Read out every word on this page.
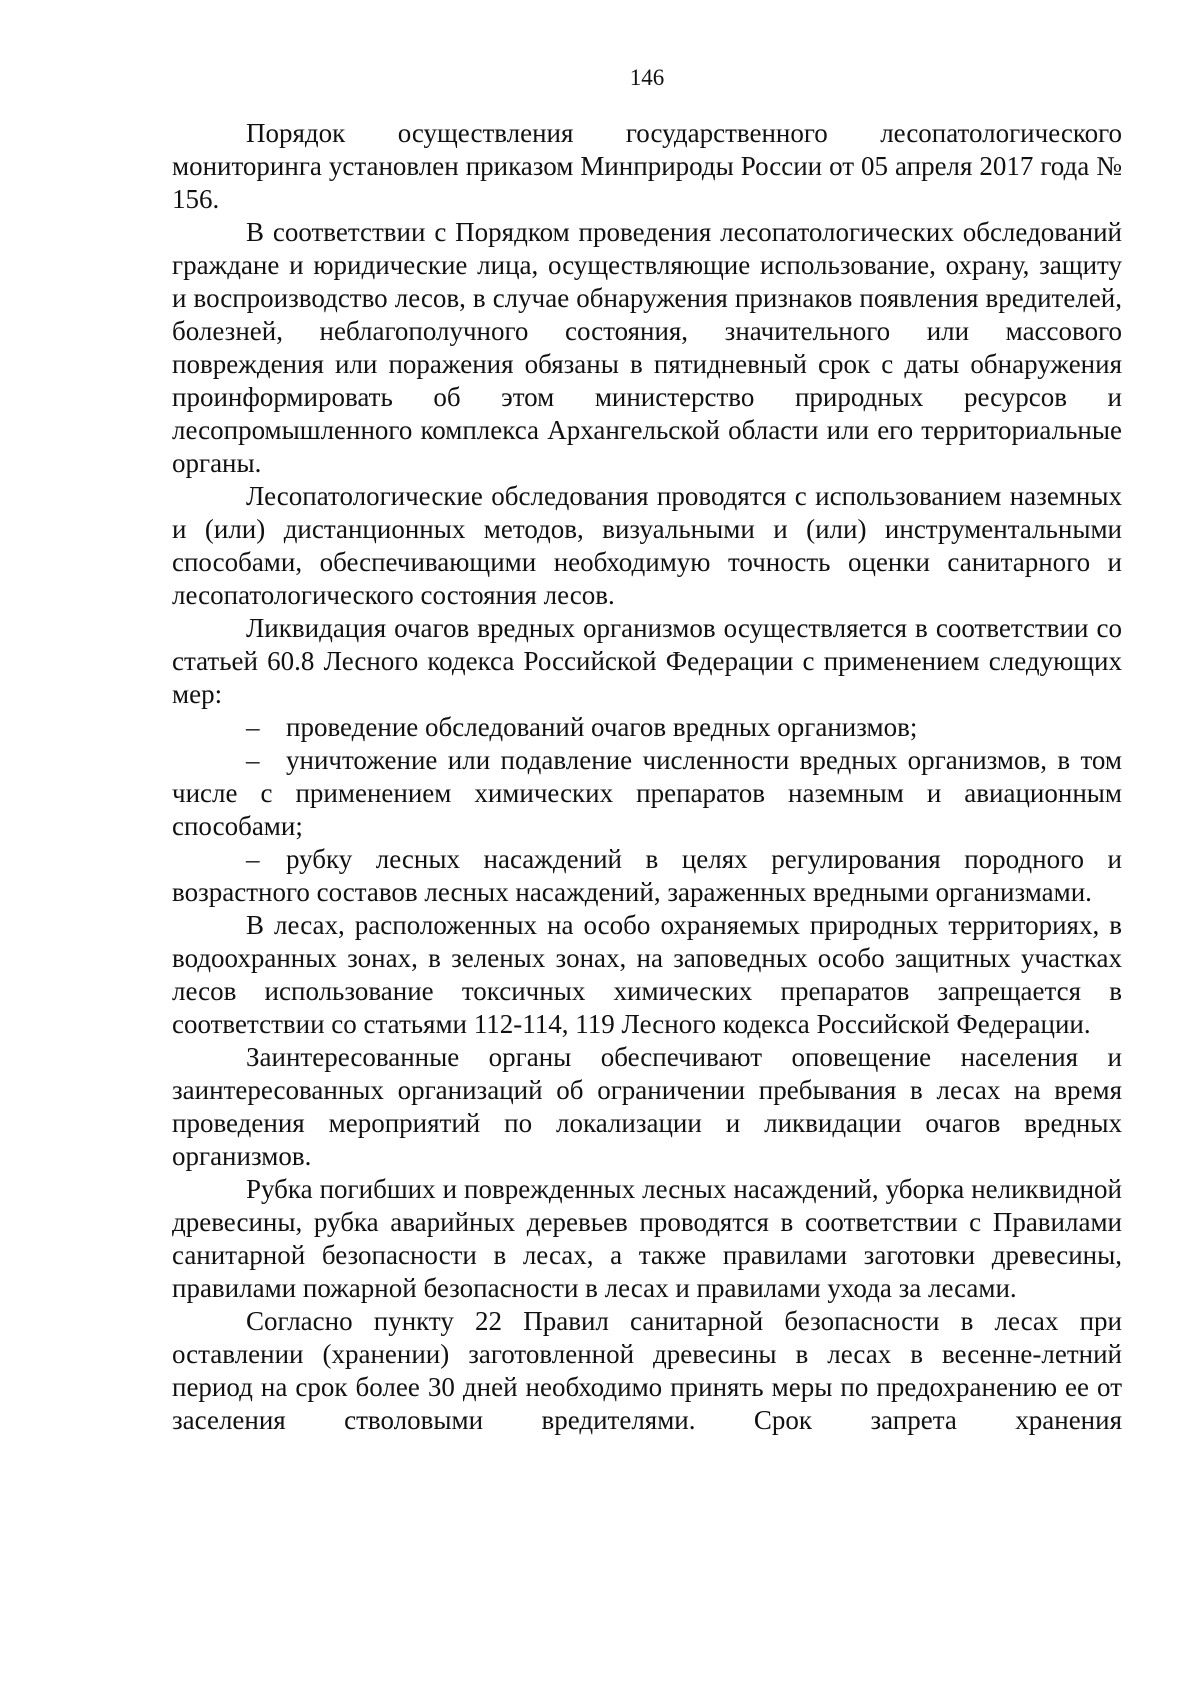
146

Порядок осуществления государственного лесопатологического мониторинга установлен приказом Минприроды России от 05 апреля 2017 года № 156.

В соответствии с Порядком проведения лесопатологических обследований граждане и юридические лица, осуществляющие использование, охрану, защиту и воспроизводство лесов, в случае обнаружения признаков появления вредителей, болезней, неблагополучного состояния, значительного или массового повреждения или поражения обязаны в пятидневный срок с даты обнаружения проинформировать об этом министерство природных ресурсов и лесопромышленного комплекса Архангельской области или его территориальные органы.

Лесопатологические обследования проводятся с использованием наземных и (или) дистанционных методов, визуальными и (или) инструментальными способами, обеспечивающими необходимую точность оценки санитарного и лесопатологического состояния лесов.

Ликвидация очагов вредных организмов осуществляется в соответствии со статьей 60.8 Лесного кодекса Российской Федерации с применением следующих мер:

– проведение обследований очагов вредных организмов;
– уничтожение или подавление численности вредных организмов, в том числе с применением химических препаратов наземным и авиационным способами;
– рубку лесных насаждений в целях регулирования породного и возрастного составов лесных насаждений, зараженных вредными организмами.

В лесах, расположенных на особо охраняемых природных территориях, в водоохранных зонах, в зеленых зонах, на заповедных особо защитных участках лесов использование токсичных химических препаратов запрещается в соответствии со статьями 112-114, 119 Лесного кодекса Российской Федерации.

Заинтересованные органы обеспечивают оповещение населения и заинтересованных организаций об ограничении пребывания в лесах на время проведения мероприятий по локализации и ликвидации очагов вредных организмов.

Рубка погибших и поврежденных лесных насаждений, уборка неликвидной древесины, рубка аварийных деревьев проводятся в соответствии с Правилами санитарной безопасности в лесах, а также правилами заготовки древесины, правилами пожарной безопасности в лесах и правилами ухода за лесами.

Согласно пункту 22 Правил санитарной безопасности в лесах при оставлении (хранении) заготовленной древесины в лесах в весенне-летний период на срок более 30 дней необходимо принять меры по предохранению ее от заселения стволовыми вредителями. Срок запрета хранения
